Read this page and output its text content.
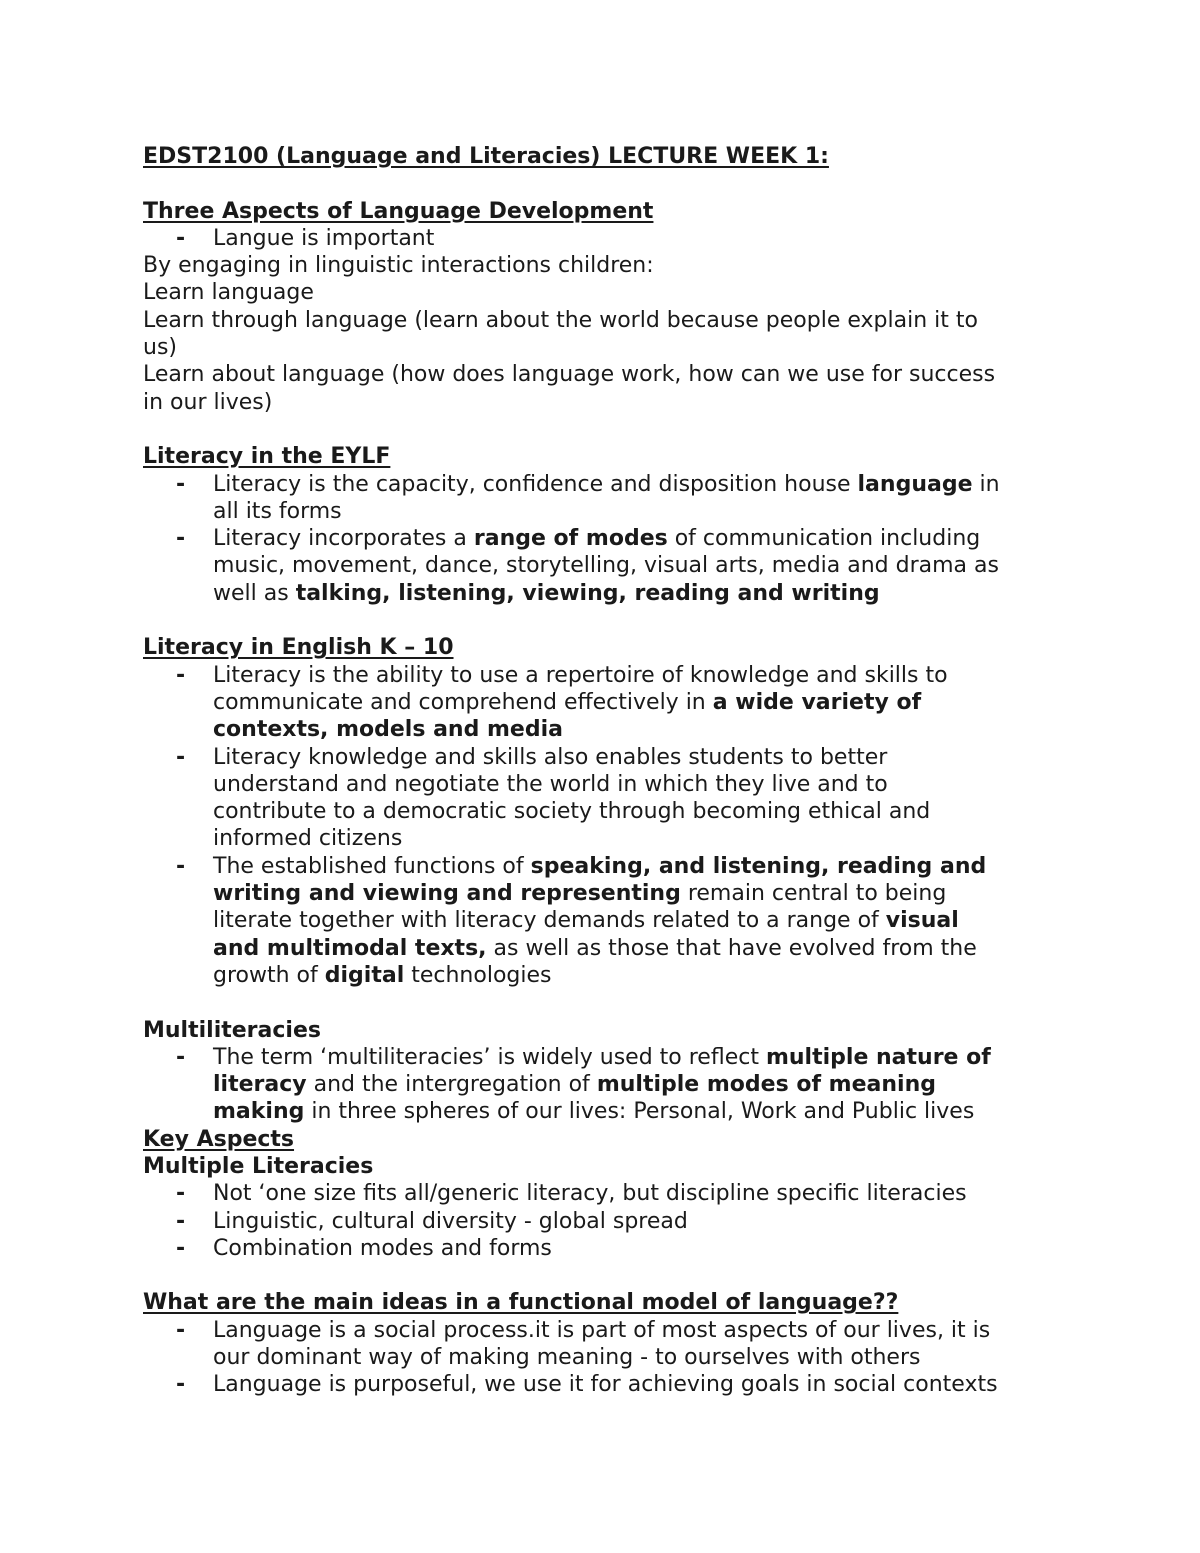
EDST2100 (Language and Literacies) LECTURE WEEK 1:
Three Aspects of Language Development
- Langue is important
By engaging in linguistic interactions children:
Learn language
Learn through language (learn about the world because people explain it to
us)
Learn about language (how does language work, how can we use for success
in our lives)
Literacy in the EYLF
- Literacy is the capacity, confidence and disposition house language in
all its forms
- Literacy incorporates a range of modes of communication including
music, movement, dance, storytelling, visual arts, media and drama as
well as talking, listening, viewing, reading and writing
Literacy in English K – 10
- Literacy is the ability to use a repertoire of knowledge and skills to
communicate and comprehend effectively in a wide variety of
contexts, models and media
- Literacy knowledge and skills also enables students to better
understand and negotiate the world in which they live and to
contribute to a democratic society through becoming ethical and
informed citizens
- The established functions of speaking, and listening, reading and
writing and viewing and representing remain central to being
literate together with literacy demands related to a range of visual
and multimodal texts, as well as those that have evolved from the
growth of digital technologies
Multiliteracies
- The term ‘multiliteracies’ is widely used to reflect multiple nature of
literacy and the intergregation of multiple modes of meaning
making in three spheres of our lives: Personal, Work and Public lives
Key Aspects
Multiple Literacies
- Not ‘one size fits all/generic literacy, but discipline specific literacies
- Linguistic, cultural diversity - global spread
- Combination modes and forms
What are the main ideas in a functional model of language??
- Language is a social process.it is part of most aspects of our lives, it is
our dominant way of making meaning - to ourselves with others
- Language is purposeful, we use it for achieving goals in social contexts
